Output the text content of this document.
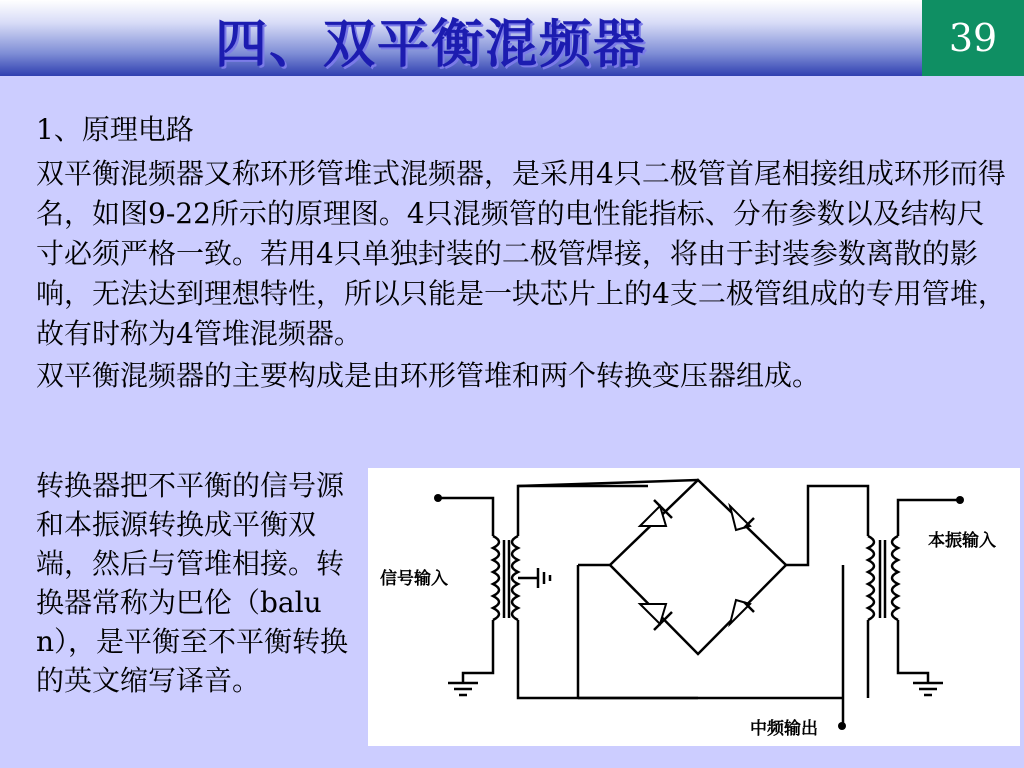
四、双平衡混频器	39

1、原理电路

双平衡混频器又称环形管堆式混频器，是采用4只二极管首尾相接组成环形而得名，如图9-22所示的原理图。4只混频管的电性能指标、分布参数以及结构尺寸必须严格一致。若用4只单独封装的二极管焊接，将由于封装参数离散的影响，无法达到理想特性，所以只能是一块芯片上的4支二极管组成的专用管堆，故有时称为4管堆混频器。

双平衡混频器的主要构成是由环形管堆和两个转换变压器组成。

转换器把不平衡的信号源和本振源转换成平衡双端，然后与管堆相接。转换器常称为巴伦（balun），是平衡至不平衡转换的英文缩写译音。
信号输入
本振输入
中频输出
